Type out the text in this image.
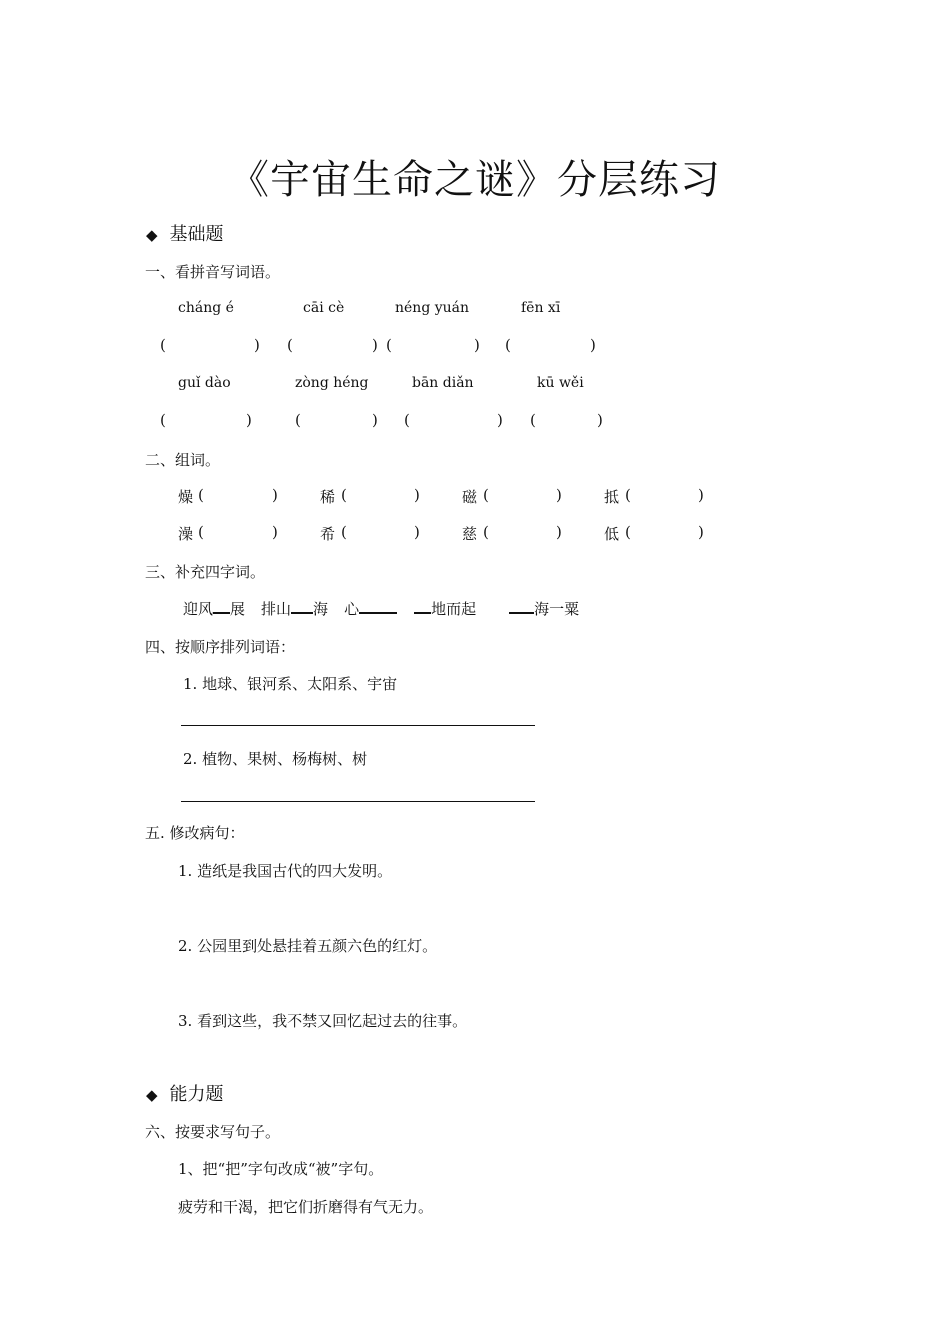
《宇宙生命之谜》分层练习
◆ 基础题
一、看拼音写词语。
cháng é	cāi cè	néng yuán	fēn xī
(	) (	) (	) (	)
guǐ dào	zòng héng	bān diǎn	kū wěi
(	)	(	) (	) (	)
二、组词。
燥 (	)	稀 (	)	磁 (	)	抵 (	)
澡 (	)	希 (	)	慈 (	)	低 (	)
三、补充四字词。
迎风 展 排山 海 心	地而起	海一粟
四、按顺序排列词语：
1. 地球、银河系、太阳系、宇宙
2. 植物、果树、杨梅树、树
五. 修改病句：
1. 造纸是我国古代的四大发明。
2. 公园里到处悬挂着五颜六色的红灯。
3. 看到这些，我不禁又回忆起过去的往事。
◆ 能力题
六、按要求写句子。
1、把“把”字句改成“被”字句。
疲劳和干渴，把它们折磨得有气无力。
